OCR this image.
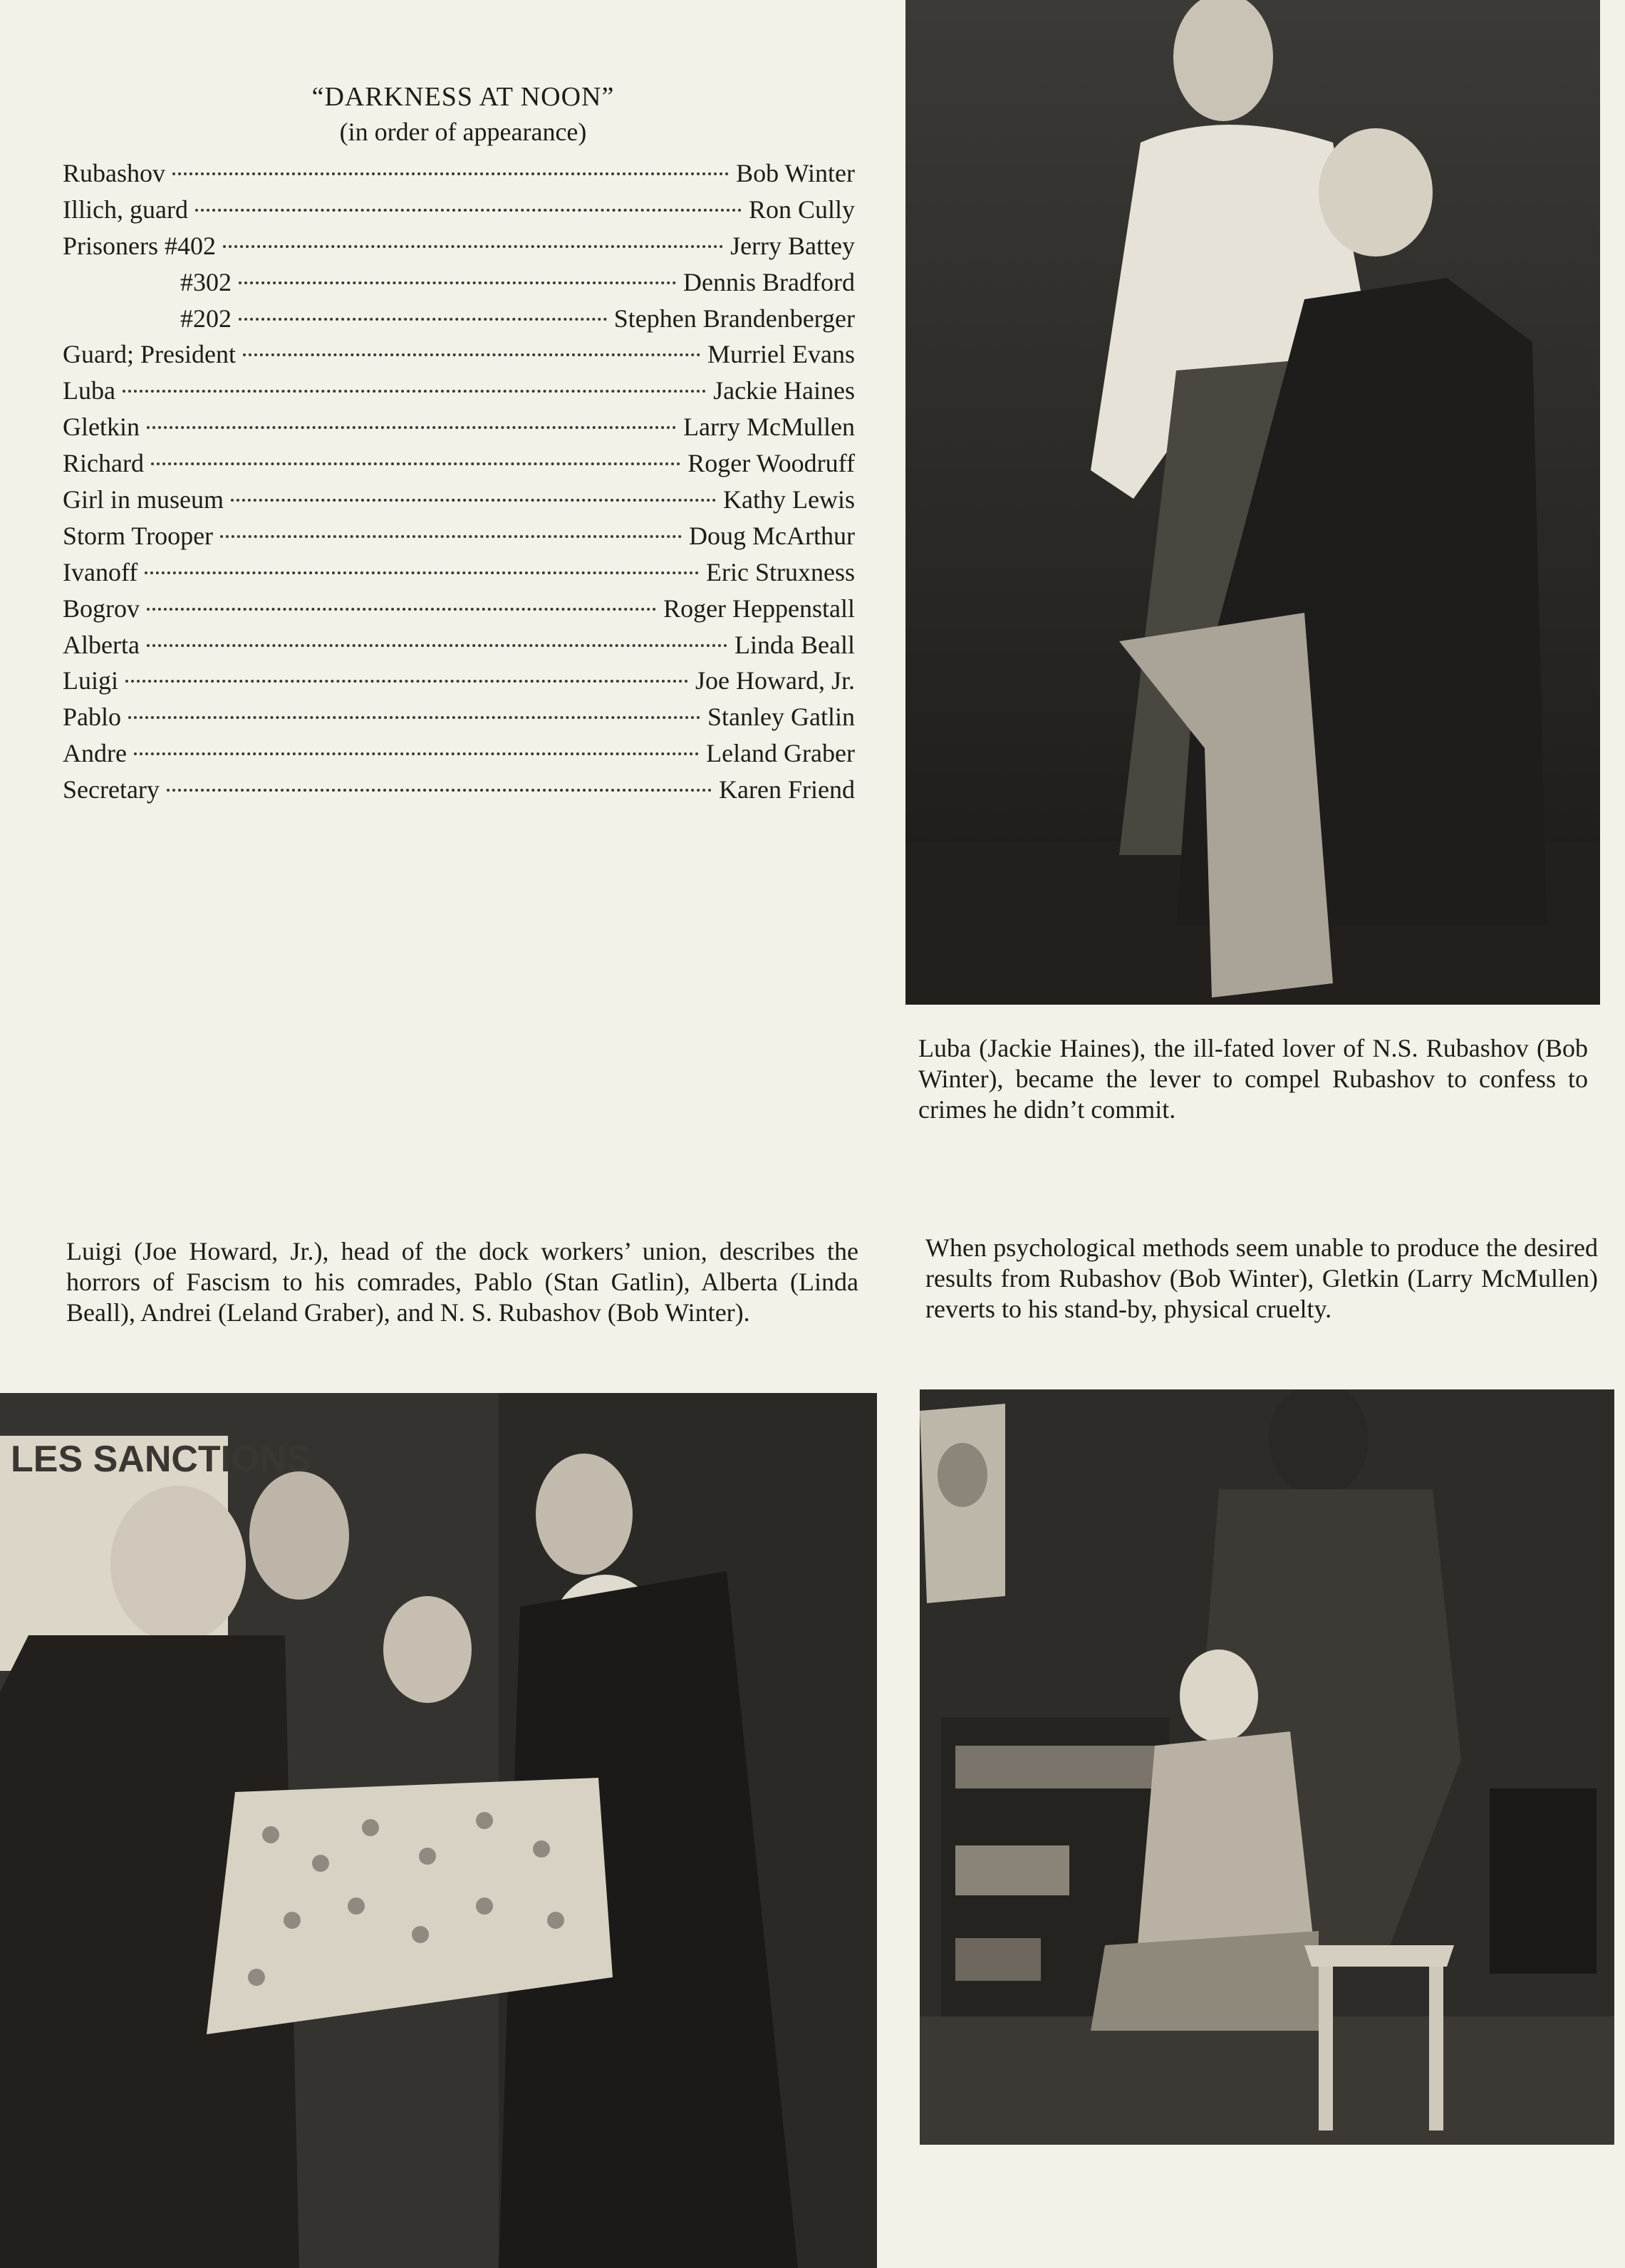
“DARKNESS AT NOON”
(in order of appearance)
Rubashov	Bob Winter
Illich, guard	Ron Cully
Prisoners #402	Jerry Battey
#302	Dennis Bradford
#202	Stephen Brandenberger
Guard; President	Murriel Evans
Luba	Jackie Haines
Gletkin	Larry McMullen
Richard	Roger Woodruff
Girl in museum	Kathy Lewis
Storm Trooper	Doug McArthur
Ivanoff	Eric Struxness
Bogrov	Roger Heppenstall
Alberta	Linda Beall
Luigi	Joe Howard, Jr.
Pablo	Stanley Gatlin
Andre	Leland Graber
Secretary	Karen Friend
Luba (Jackie Haines), the ill-fated lover of N.S. Rubashov (Bob Winter), became the lever to compel Rubashov to confess to crimes he didn’t commit.
Luigi (Joe Howard, Jr.), head of the dock workers’ union, describes the horrors of Fascism to his comrades, Pablo (Stan Gatlin), Alberta (Linda Beall), Andrei (Leland Graber), and N. S. Rubashov (Bob Winter).
When psychological methods seem unable to produce the desired results from Rubashov (Bob Winter), Gletkin (Larry McMullen) reverts to his stand-by, physical cruelty.
LES SANCTIONS
